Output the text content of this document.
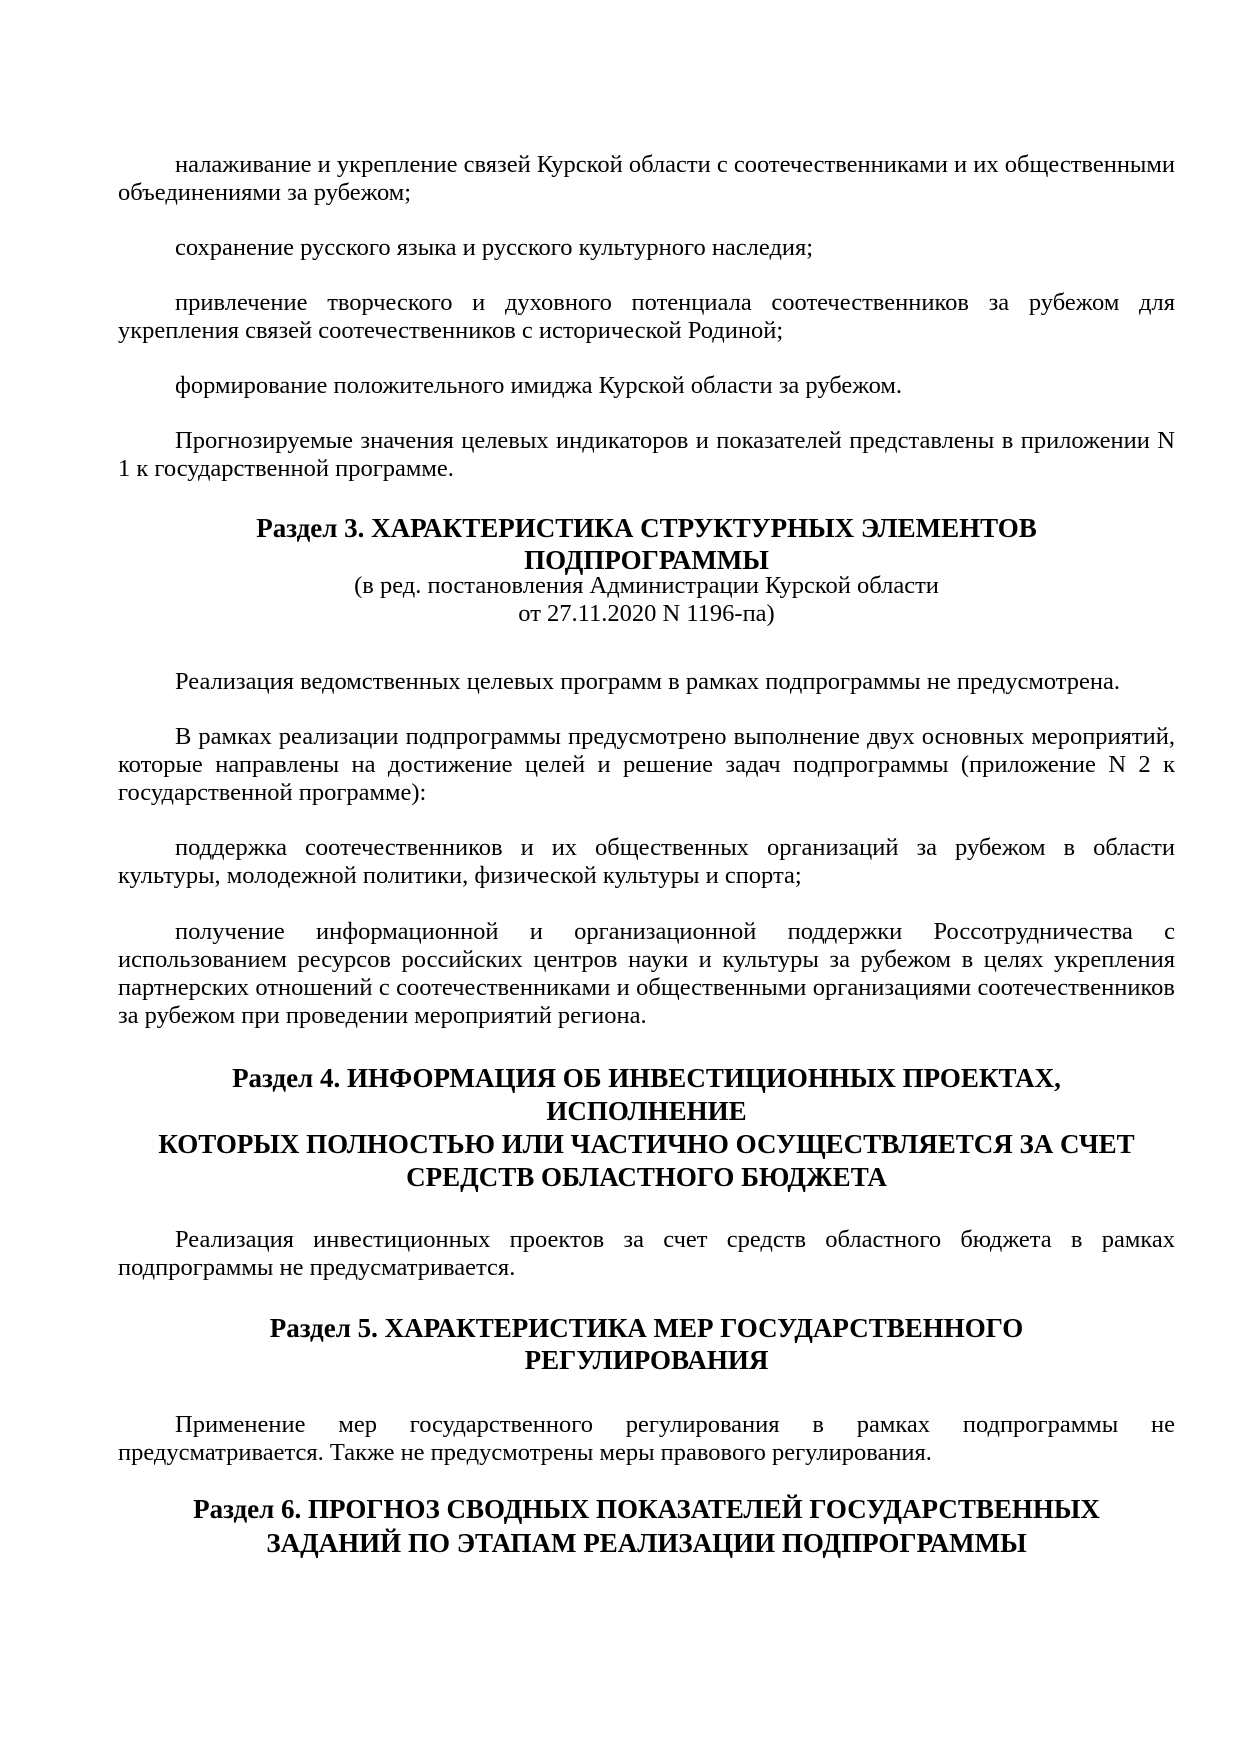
налаживание и укрепление связей Курской области с соотечественниками и их общественными объединениями за рубежом;

сохранение русского языка и русского культурного наследия;

привлечение творческого и духовного потенциала соотечественников за рубежом для укрепления связей соотечественников с исторической Родиной;

формирование положительного имиджа Курской области за рубежом.

Прогнозируемые значения целевых индикаторов и показателей представлены в приложении N 1 к государственной программе.

Раздел 3. ХАРАКТЕРИСТИКА СТРУКТУРНЫХ ЭЛЕМЕНТОВ
ПОДПРОГРАММЫ
(в ред. постановления Администрации Курской области
от 27.11.2020 N 1196-па)

Реализация ведомственных целевых программ в рамках подпрограммы не предусмотрена.

В рамках реализации подпрограммы предусмотрено выполнение двух основных мероприятий, которые направлены на достижение целей и решение задач подпрограммы (приложение N 2 к государственной программе):

поддержка соотечественников и их общественных организаций за рубежом в области культуры, молодежной политики, физической культуры и спорта;

получение информационной и организационной поддержки Россотрудничества с использованием ресурсов российских центров науки и культуры за рубежом в целях укрепления партнерских отношений с соотечественниками и общественными организациями соотечественников за рубежом при проведении мероприятий региона.

Раздел 4. ИНФОРМАЦИЯ ОБ ИНВЕСТИЦИОННЫХ ПРОЕКТАХ,
ИСПОЛНЕНИЕ
КОТОРЫХ ПОЛНОСТЬЮ ИЛИ ЧАСТИЧНО ОСУЩЕСТВЛЯЕТСЯ ЗА СЧЕТ
СРЕДСТВ ОБЛАСТНОГО БЮДЖЕТА

Реализация инвестиционных проектов за счет средств областного бюджета в рамках подпрограммы не предусматривается.

Раздел 5. ХАРАКТЕРИСТИКА МЕР ГОСУДАРСТВЕННОГО
РЕГУЛИРОВАНИЯ

Применение мер государственного регулирования в рамках подпрограммы не предусматривается. Также не предусмотрены меры правового регулирования.

Раздел 6. ПРОГНОЗ СВОДНЫХ ПОКАЗАТЕЛЕЙ ГОСУДАРСТВЕННЫХ
ЗАДАНИЙ ПО ЭТАПАМ РЕАЛИЗАЦИИ ПОДПРОГРАММЫ
